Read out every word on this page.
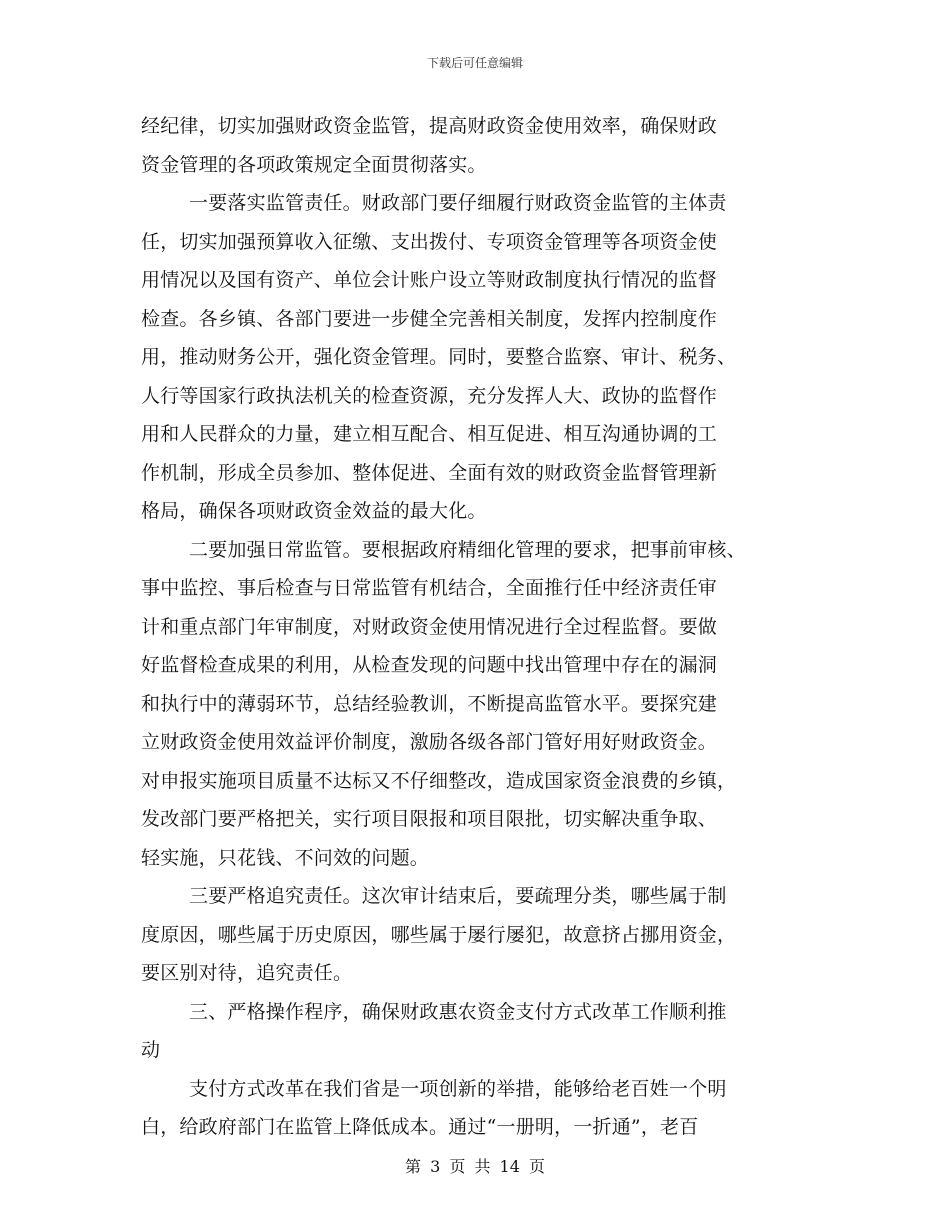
下载后可任意编辑
经纪律，切实加强财政资金监管，提高财政资金使用效率，确保财政
资金管理的各项政策规定全面贯彻落实。
一要落实监管责任。财政部门要仔细履行财政资金监管的主体责
任，切实加强预算收入征缴、支出拨付、专项资金管理等各项资金使
用情况以及国有资产、单位会计账户设立等财政制度执行情况的监督
检查。各乡镇、各部门要进一步健全完善相关制度，发挥内控制度作
用，推动财务公开，强化资金管理。同时，要整合监察、审计、税务、
人行等国家行政执法机关的检查资源，充分发挥人大、政协的监督作
用和人民群众的力量，建立相互配合、相互促进、相互沟通协调的工
作机制，形成全员参加、整体促进、全面有效的财政资金监督管理新
格局，确保各项财政资金效益的最大化。
二要加强日常监管。要根据政府精细化管理的要求，把事前审核、
事中监控、事后检查与日常监管有机结合，全面推行任中经济责任审
计和重点部门年审制度，对财政资金使用情况进行全过程监督。要做
好监督检查成果的利用，从检查发现的问题中找出管理中存在的漏洞
和执行中的薄弱环节，总结经验教训，不断提高监管水平。要探究建
立财政资金使用效益评价制度，激励各级各部门管好用好财政资金。
对申报实施项目质量不达标又不仔细整改，造成国家资金浪费的乡镇，
发改部门要严格把关，实行项目限报和项目限批，切实解决重争取、
轻实施，只花钱、不问效的问题。
三要严格追究责任。这次审计结束后，要疏理分类，哪些属于制
度原因，哪些属于历史原因，哪些属于屡行屡犯，故意挤占挪用资金，
要区别对待，追究责任。
三、严格操作程序，确保财政惠农资金支付方式改革工作顺利推
动
支付方式改革在我们省是一项创新的举措，能够给老百姓一个明
白，给政府部门在监管上降低成本。通过“一册明，一折通”，老百
第 3 页 共 14 页
